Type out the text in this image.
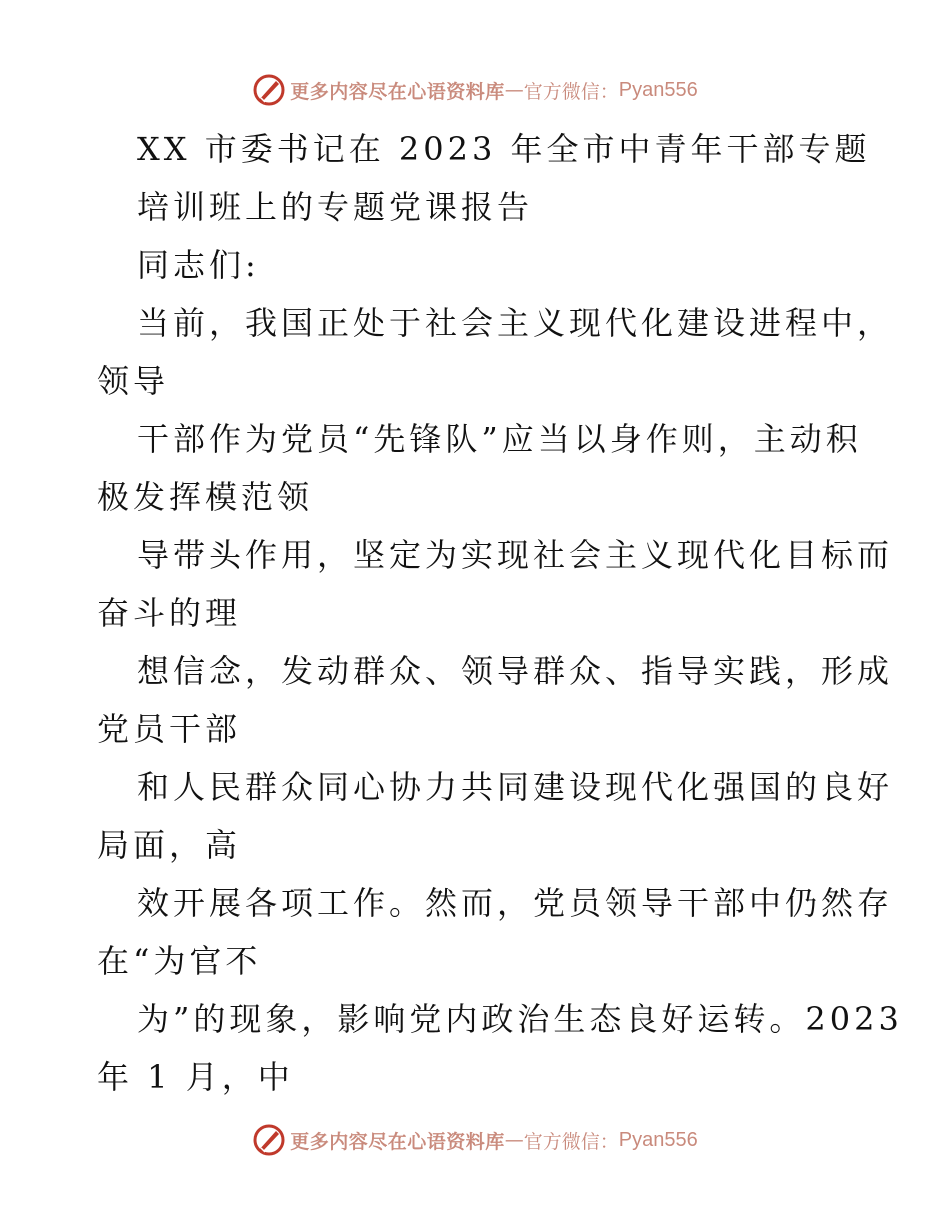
更多内容尽在心语资料库 — 官方微信： Pyan556
XX 市委书记在 2023 年全市中青年干部专题
培训班上的专题党课报告
同志们:
当前，我国正处于社会主义现代化建设进程中，
领导
干部作为党员“先锋队”应当以身作则，主动积
极发挥模范领
导带头作用，坚定为实现社会主义现代化目标而
奋斗的理
想信念，发动群众、领导群众、指导实践，形成
党员干部
和人民群众同心协力共同建设现代化强国的良好
局面，高
效开展各项工作。然而，党员领导干部中仍然存
在“为官不
为”的现象，影响党内政治生态良好运转。2023
年 1 月，中
更多内容尽在心语资料库 — 官方微信： Pyan556
